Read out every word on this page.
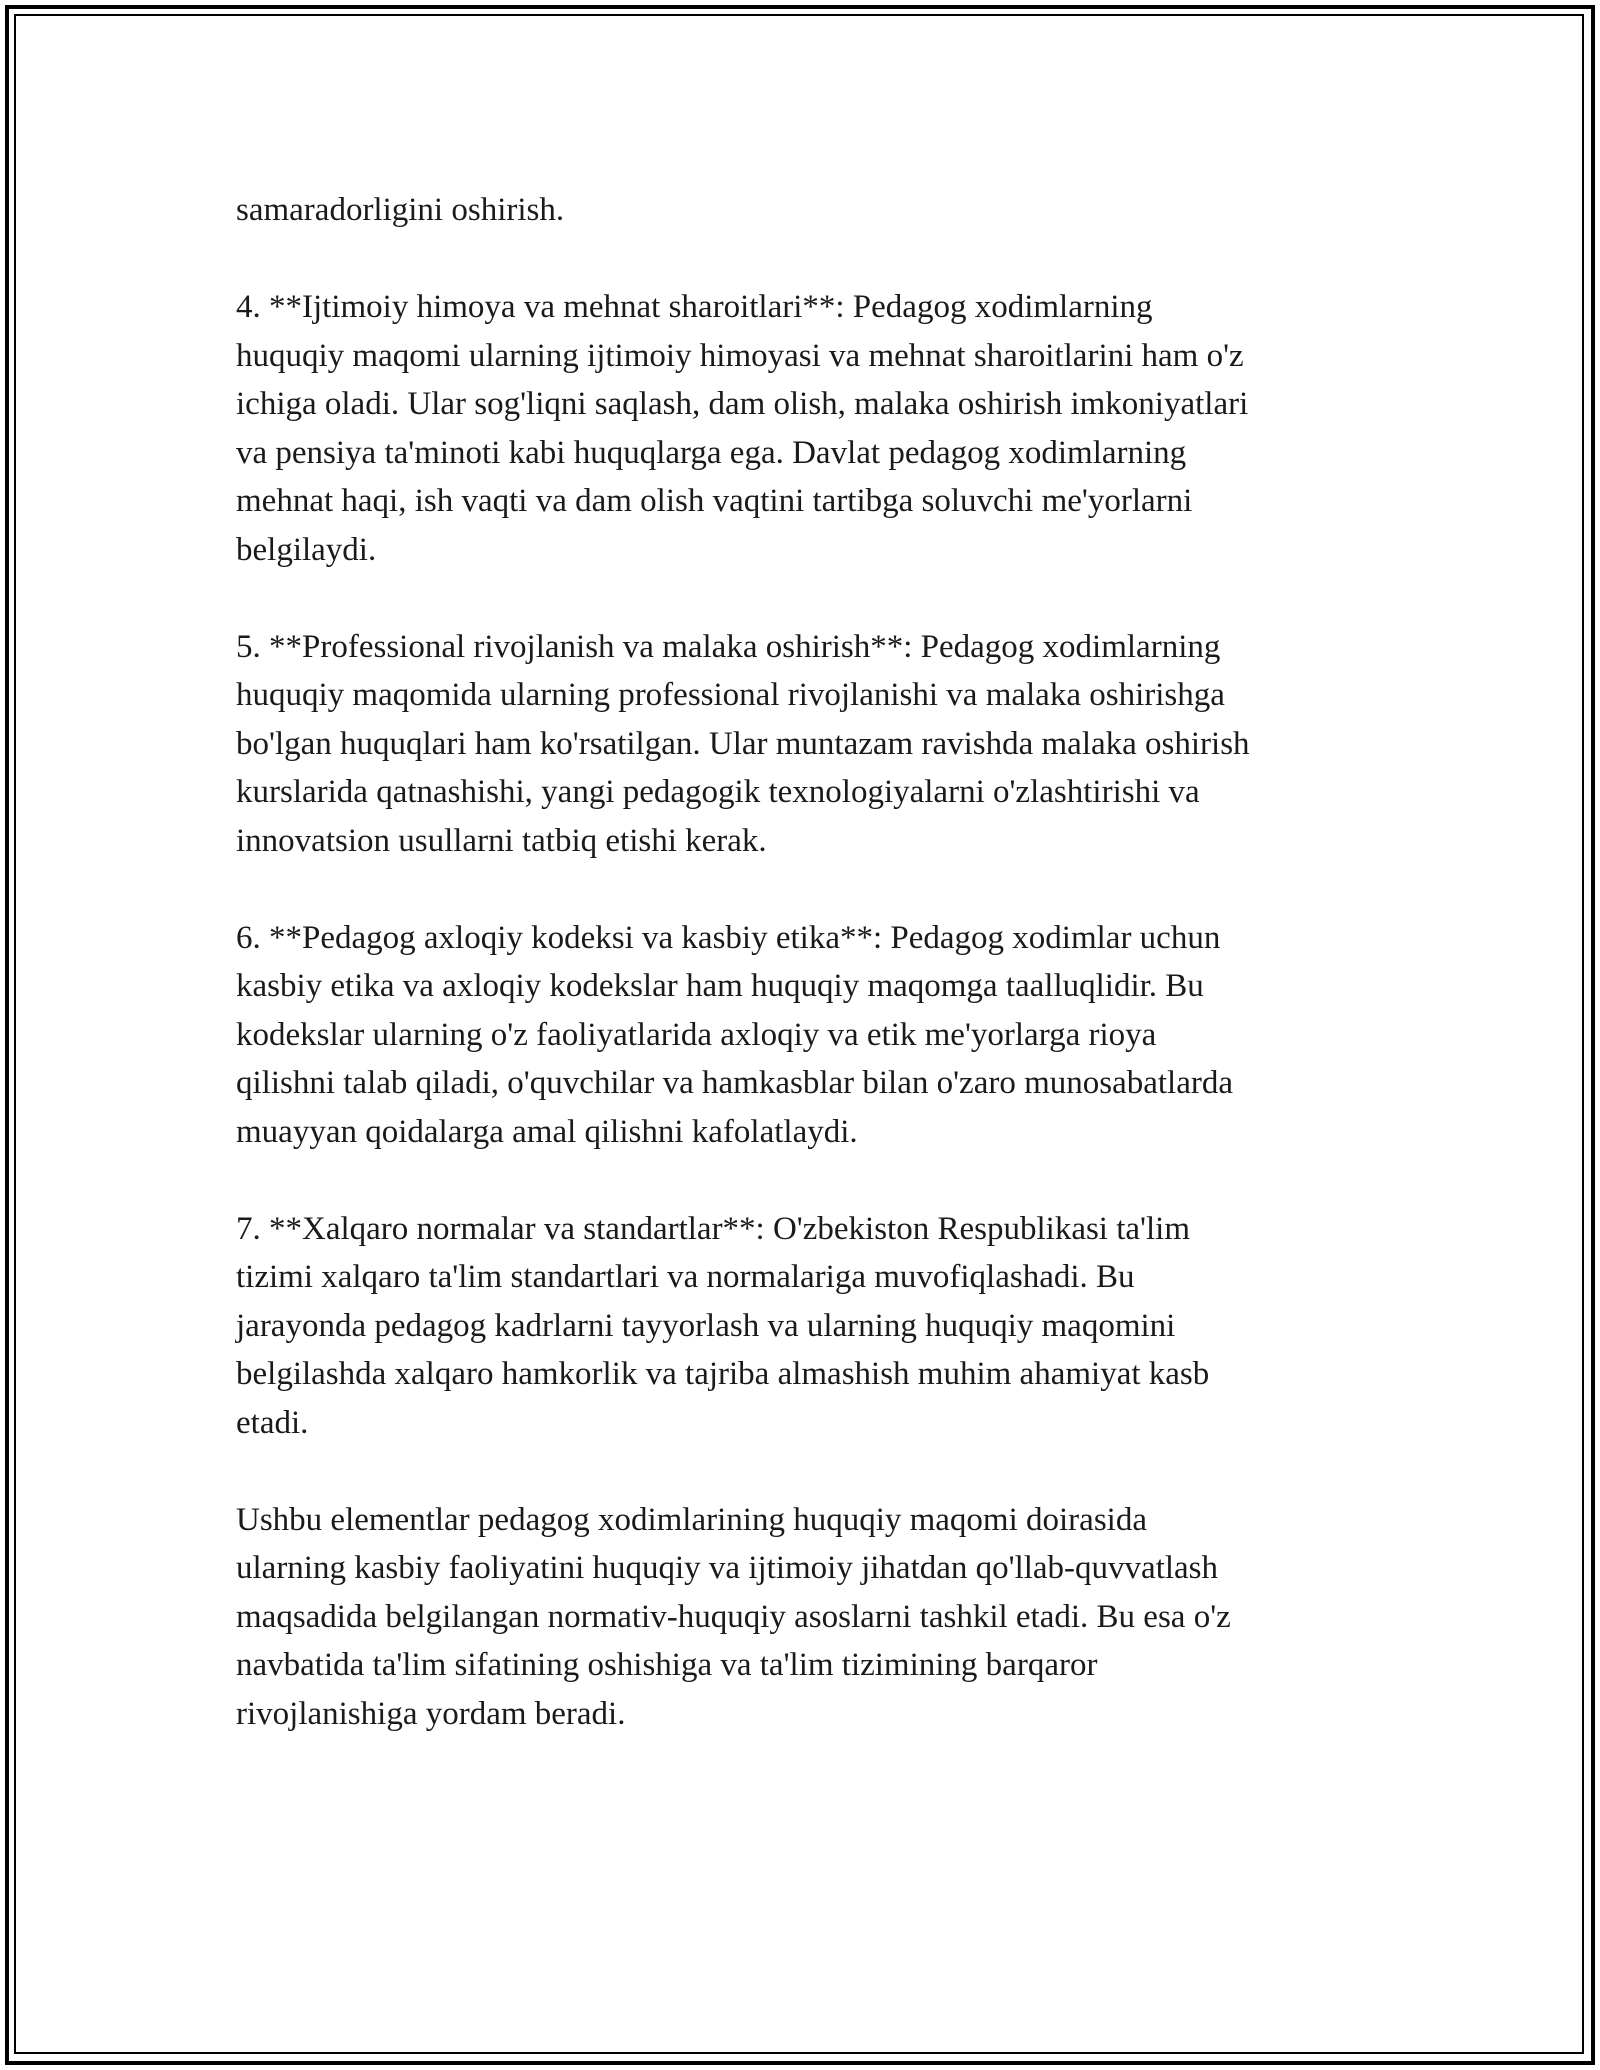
samaradorligini oshirish.

4. **Ijtimoiy himoya va mehnat sharoitlari**: Pedagog xodimlarning
huquqiy maqomi ularning ijtimoiy himoyasi va mehnat sharoitlarini ham o'z
ichiga oladi. Ular sog'liqni saqlash, dam olish, malaka oshirish imkoniyatlari
va pensiya ta'minoti kabi huquqlarga ega. Davlat pedagog xodimlarning
mehnat haqi, ish vaqti va dam olish vaqtini tartibga soluvchi me'yorlarni
belgilaydi.

5. **Professional rivojlanish va malaka oshirish**: Pedagog xodimlarning
huquqiy maqomida ularning professional rivojlanishi va malaka oshirishga
bo'lgan huquqlari ham ko'rsatilgan. Ular muntazam ravishda malaka oshirish
kurslarida qatnashishi, yangi pedagogik texnologiyalarni o'zlashtirishi va
innovatsion usullarni tatbiq etishi kerak.

6. **Pedagog axloqiy kodeksi va kasbiy etika**: Pedagog xodimlar uchun
kasbiy etika va axloqiy kodekslar ham huquqiy maqomga taalluqlidir. Bu
kodekslar ularning o'z faoliyatlarida axloqiy va etik me'yorlarga rioya
qilishni talab qiladi, o'quvchilar va hamkasblar bilan o'zaro munosabatlarda
muayyan qoidalarga amal qilishni kafolatlaydi.

7. **Xalqaro normalar va standartlar**: O'zbekiston Respublikasi ta'lim
tizimi xalqaro ta'lim standartlari va normalariga muvofiqlashadi. Bu
jarayonda pedagog kadrlarni tayyorlash va ularning huquqiy maqomini
belgilashda xalqaro hamkorlik va tajriba almashish muhim ahamiyat kasb
etadi.

Ushbu elementlar pedagog xodimlarining huquqiy maqomi doirasida
ularning kasbiy faoliyatini huquqiy va ijtimoiy jihatdan qo'llab-quvvatlash
maqsadida belgilangan normativ-huquqiy asoslarni tashkil etadi. Bu esa o'z
navbatida ta'lim sifatining oshishiga va ta'lim tizimining barqaror
rivojlanishiga yordam beradi.
